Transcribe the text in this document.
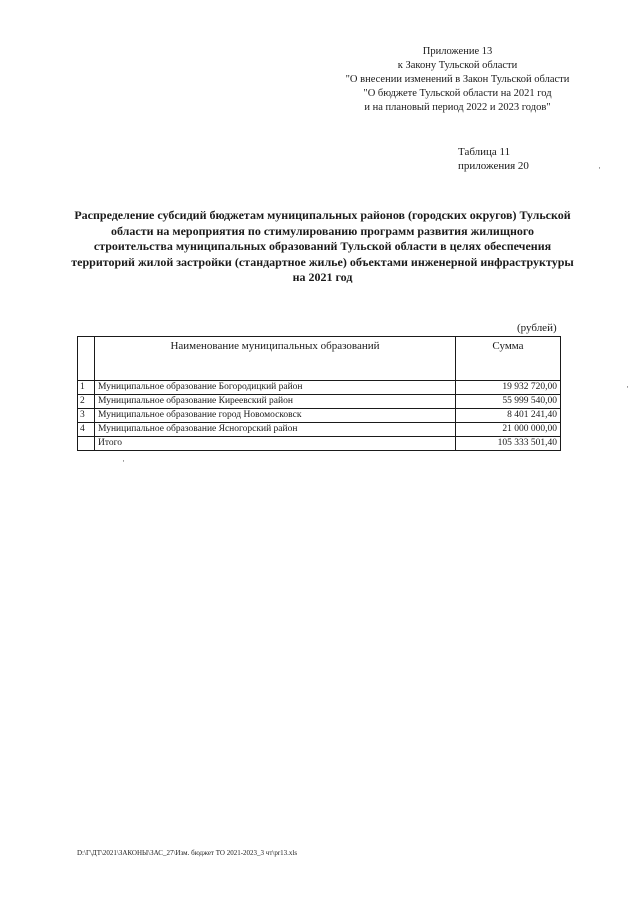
Приложение 13
к Закону Тульской области
"О внесении изменений в Закон Тульской области
"О бюджете Тульской области на 2021 год
и на плановый период 2022 и 2023 годов"
Таблица 11
приложения 20
Распределение субсидий бюджетам муниципальных районов (городских округов) Тульской области на мероприятия по стимулированию программ развития жилищного строительства муниципальных образований Тульской области в целях обеспечения территорий жилой застройки (стандартное жилье) объектами инженерной инфраструктуры на 2021 год
(рублей)
	Наименование муниципальных образований	Сумма
1	Муниципальное образование Богородицкий район	19 932 720,00
2	Муниципальное образование Киреевский район	55 999 540,00
3	Муниципальное образование город Новомосковск	8 401 241,40
4	Муниципальное образование Ясногорский район	21 000 000,00
	Итого	105 333 501,40
·
·
·
D:\Г\ДТ\2021\ЗАКОНЫ\ЗАС_27\Изм. бюджет ТО 2021-2023_3 чт\pr13.xls
